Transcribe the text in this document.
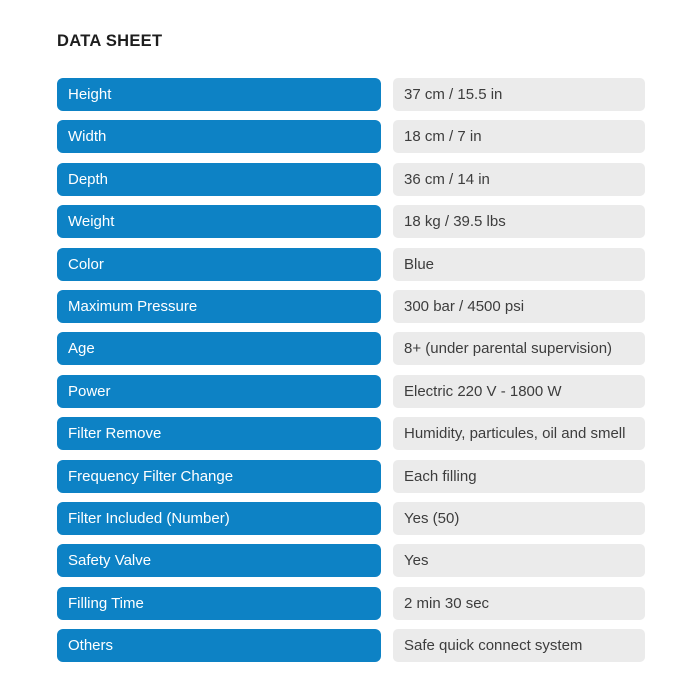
DATA SHEET
Height	37 cm / 15.5 in
Width	18 cm / 7 in
Depth	36 cm / 14 in
Weight	18 kg / 39.5 lbs
Color	Blue
Maximum Pressure	300 bar / 4500 psi
Age	8+ (under parental supervision)
Power	Electric 220 V - 1800 W
Filter Remove	Humidity, particules, oil and smell
Frequency Filter Change	Each filling
Filter Included (Number)	Yes (50)
Safety Valve	Yes
Filling Time	2 min 30 sec
Others	Safe quick connect system
